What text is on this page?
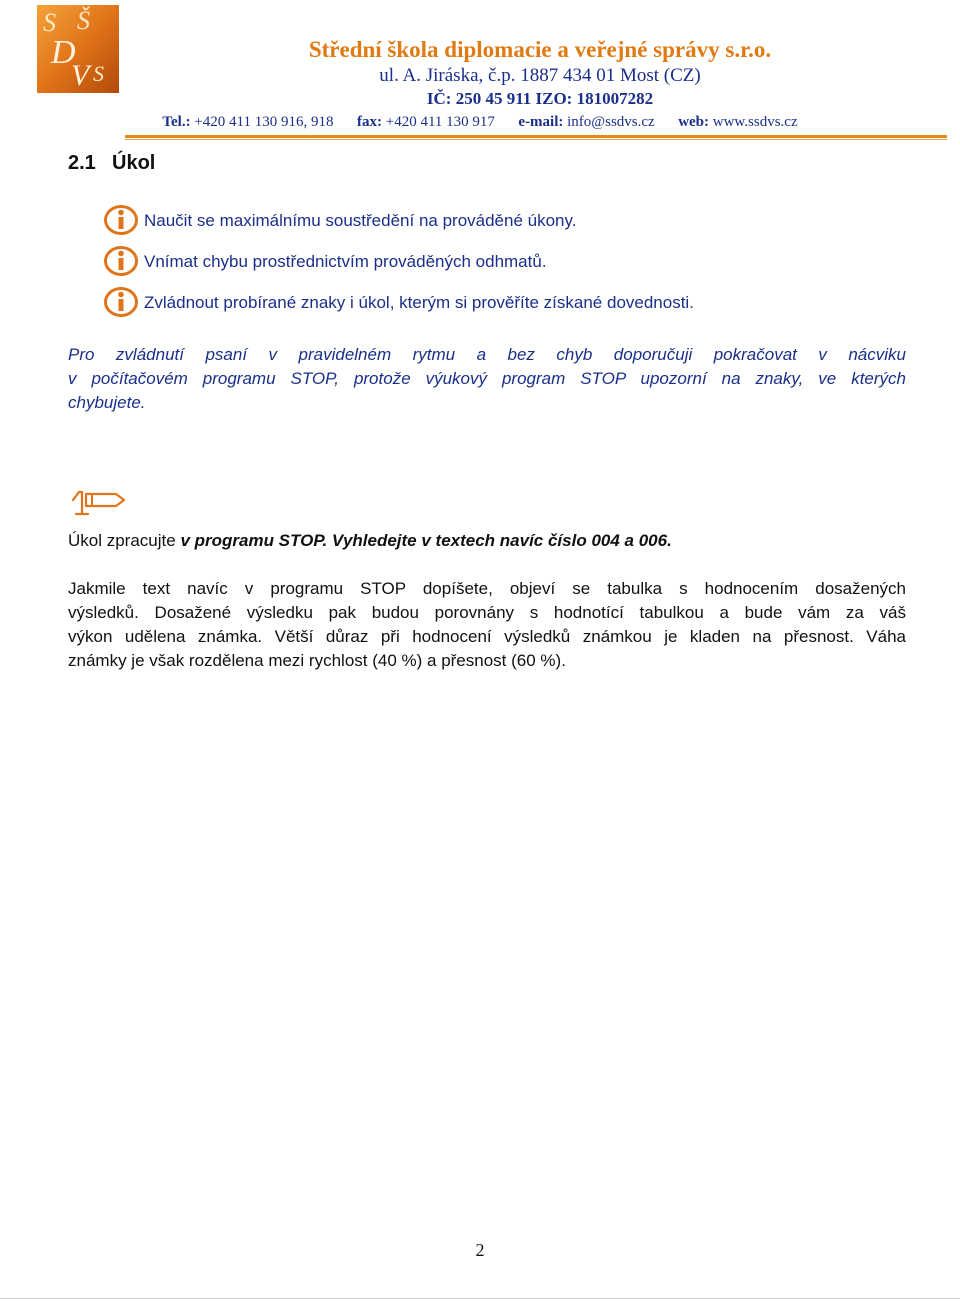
S Š
D
V S
Střední škola diplomacie a veřejné správy s.r.o.
ul. A. Jiráska, č.p. 1887 434 01 Most (CZ)
IČ: 250 45 911 IZO: 181007282
Tel.: +420 411 130 916, 918 fax: +420 411 130 917 e-mail: info@ssdvs.cz web: www.ssdvs.cz
2.1 Úkol
Naučit se maximálnímu soustředění na prováděné úkony.
Vnímat chybu prostřednictvím prováděných odhmatů.
Zvládnout probírané znaky i úkol, kterým si prověříte získané dovednosti.
Pro zvládnutí psaní v pravidelném rytmu a bez chyb doporučuji pokračovat v nácviku
v počítačovém programu STOP, protože výukový program STOP upozorní na znaky, ve kterých
chybujete.
Úkol zpracujte v programu STOP. Vyhledejte v textech navíc číslo 004 a 006.
Jakmile text navíc v programu STOP dopíšete, objeví se tabulka s hodnocením dosažených
výsledků. Dosažené výsledku pak budou porovnány s hodnotící tabulkou a bude vám za váš
výkon udělena známka. Větší důraz při hodnocení výsledků známkou je kladen na přesnost. Váha
známky je však rozdělena mezi rychlost (40 %) a přesnost (60 %).
2
